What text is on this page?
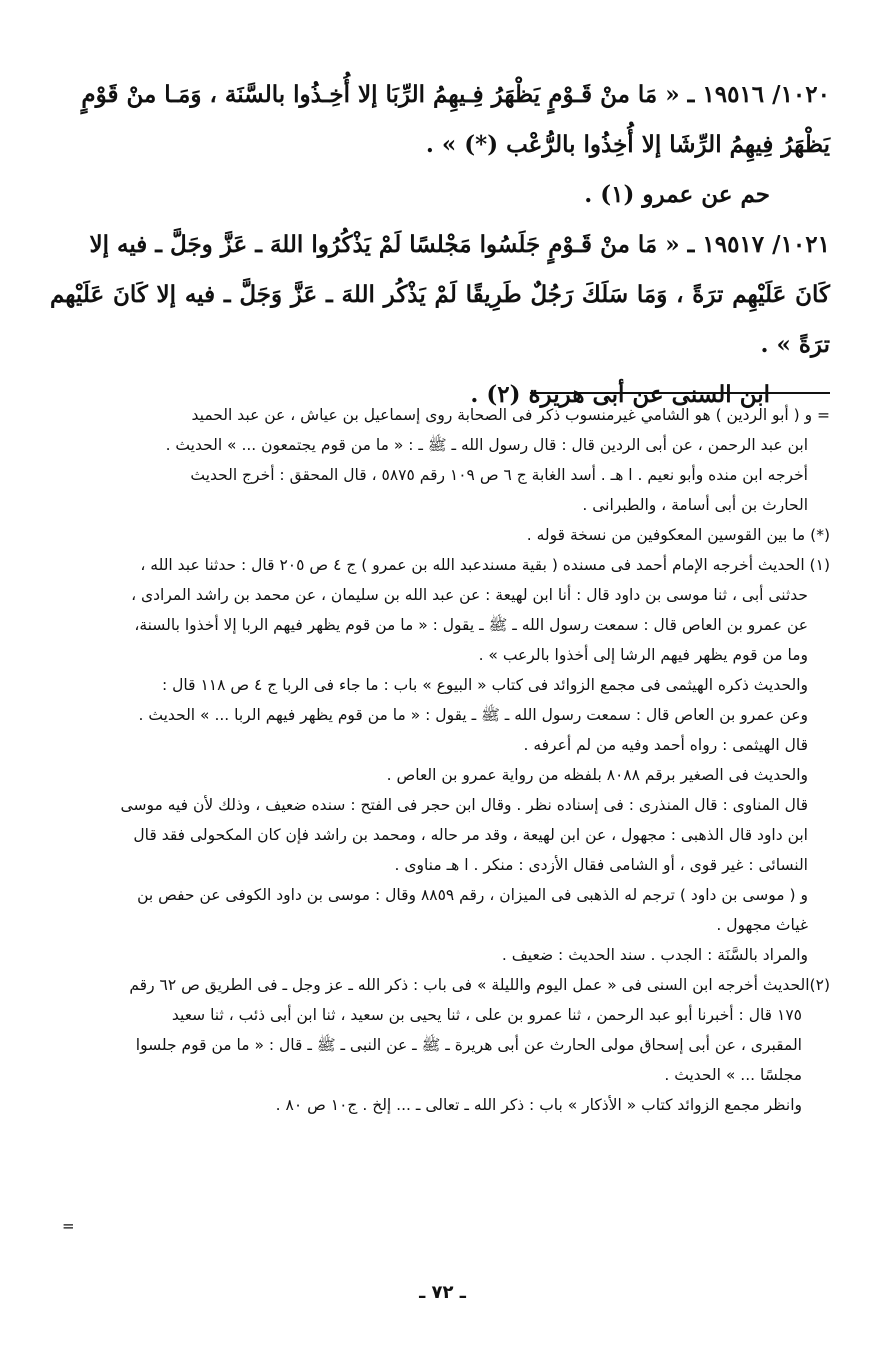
١٠٢٠/ ١٩٥١٦ ـ « مَا منْ قَـوْمٍ يَظْهَرُ فِـيهِمُ الرِّبَا إلا أُخِـذُوا بالسَّنَة ، وَمَـا منْ قَوْمٍ

يَظْهَرُ فِيهِمُ الرِّشَا إلا أُخِذُوا بالرُّعْب (*) » .

حم عن عمرو (١) .

١٠٢١/ ١٩٥١٧ ـ « مَا منْ قَـوْمٍ جَلَسُوا مَجْلسًا لَمْ يَذْكُرُوا اللهَ ـ عَزَّ وجَلَّ ـ فيه إلا

كَانَ عَلَيْهِم ترَةً ، وَمَا سَلَكَ رَجُلٌ طَرِيقًا لَمْ يَذْكُر اللهَ ـ عَزَّ وَجَلَّ ـ فيه إلا كَانَ عَلَيْهم ترَةً » .

ابن السنى عن أبى هريرة (٢) .

= و ( أبو الردين ) هو الشامي غيرمنسوب ذكر فى الصحابة روى إسماعيل بن عياش ، عن عبد الحميد

ابن عبد الرحمن ، عن أبى الردين قال : قال رسول الله ـ ﷺ ـ : « ما من قوم يجتمعون ... » الحديث .

أخرجه ابن منده وأبو نعيم . ا هـ . أسد الغابة ج ٦ ص ١٠٩ رقم ٥٨٧٥ ، قال المحقق : أخرج الحديث

الحارث بن أبى أسامة ، والطبرانى .

(*) ما بين القوسين المعكوفين من نسخة قوله .

(١) الحديث أخرجه الإمام أحمد فى مسنده ( بقية مسندعبد الله بن عمرو ) ج ٤ ص ٢٠٥ قال : حدثنا عبد الله ،

حدثنى أبى ، ثنا موسى بن داود قال : أنا ابن لهيعة : عن عبد الله بن سليمان ، عن محمد بن راشد المرادى ،

عن عمرو بن العاص قال : سمعت رسول الله ـ ﷺ ـ يقول : « ما من قوم يظهر فيهم الربا إلا أخذوا بالسنة،

وما من قوم يظهر فيهم الرشا إلى أخذوا بالرعب » .

والحديث ذكره الهيثمى فى مجمع الزوائد فى كتاب « البيوع » باب : ما جاء فى الربا ج ٤ ص ١١٨ قال :

وعن عمرو بن العاص قال : سمعت رسول الله ـ ﷺ ـ يقول : « ما من قوم يظهر فيهم الربا ... » الحديث .

قال الهيثمى : رواه أحمد وفيه من لم أعرفه .

والحديث فى الصغير برقم ٨٠٨٨ بلفظه من رواية عمرو بن العاص .

قال المناوى : قال المنذرى : فى إسناده نظر . وقال ابن حجر فى الفتح : سنده ضعيف ، وذلك لأن فيه موسى

ابن داود قال الذهبى : مجهول ، عن ابن لهيعة ، وقد مر حاله ، ومحمد بن راشد فإن كان المكحولى فقد قال

النسائى : غير قوى ، أو الشامى فقال الأزدى : منكر . ا هـ مناوى .

و ( موسى بن داود ) ترجم له الذهبى فى الميزان ، رقم ٨٨٥٩ وقال : موسى بن داود الكوفى عن حفص بن

غياث مجهول .

والمراد بالسَّنَة : الجدب . سند الحديث : ضعيف .

(٢)الحديث أخرجه ابن السنى فى « عمل اليوم والليلة » فى باب : ذكر الله ـ عز وجل ـ فى الطريق ص ٦٢ رقم

١٧٥ قال : أخبرنا أبو عبد الرحمن ، ثنا عمرو بن على ، ثنا يحيى بن سعيد ، ثنا ابن أبى ذئب ، ثنا سعيد

المقبرى ، عن أبى إسحاق مولى الحارث عن أبى هريرة ـ ﷺ ـ عن النبى ـ ﷺ ـ قال : « ما من قوم جلسوا

مجلسًا ... » الحديث .

وانظر مجمع الزوائد كتاب « الأذكار » باب : ذكر الله ـ تعالى ـ ... إلخ . ج١٠ ص ٨٠ .

=
ـ ٧٢ ـ
